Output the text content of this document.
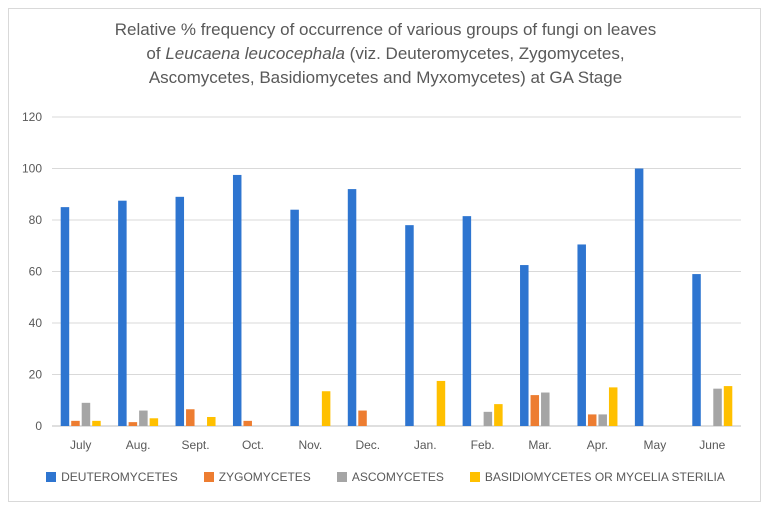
Relative % frequency of occurrence of various groups of fungi on leaves
of Leucaena leucocephala (viz. Deuteromycetes, Zygomycetes,
Ascomycetes, Basidiomycetes and Myxomycetes) at GA Stage
0
20
40
60
80
100
120
July	Aug.	Sept.	Oct.	Nov.	Dec.	Jan.	Feb.	Mar.	Apr.	May	June
DEUTEROMYCETES	ZYGOMYCETES	ASCOMYCETES	BASIDIOMYCETES OR MYCELIA STERILIA
